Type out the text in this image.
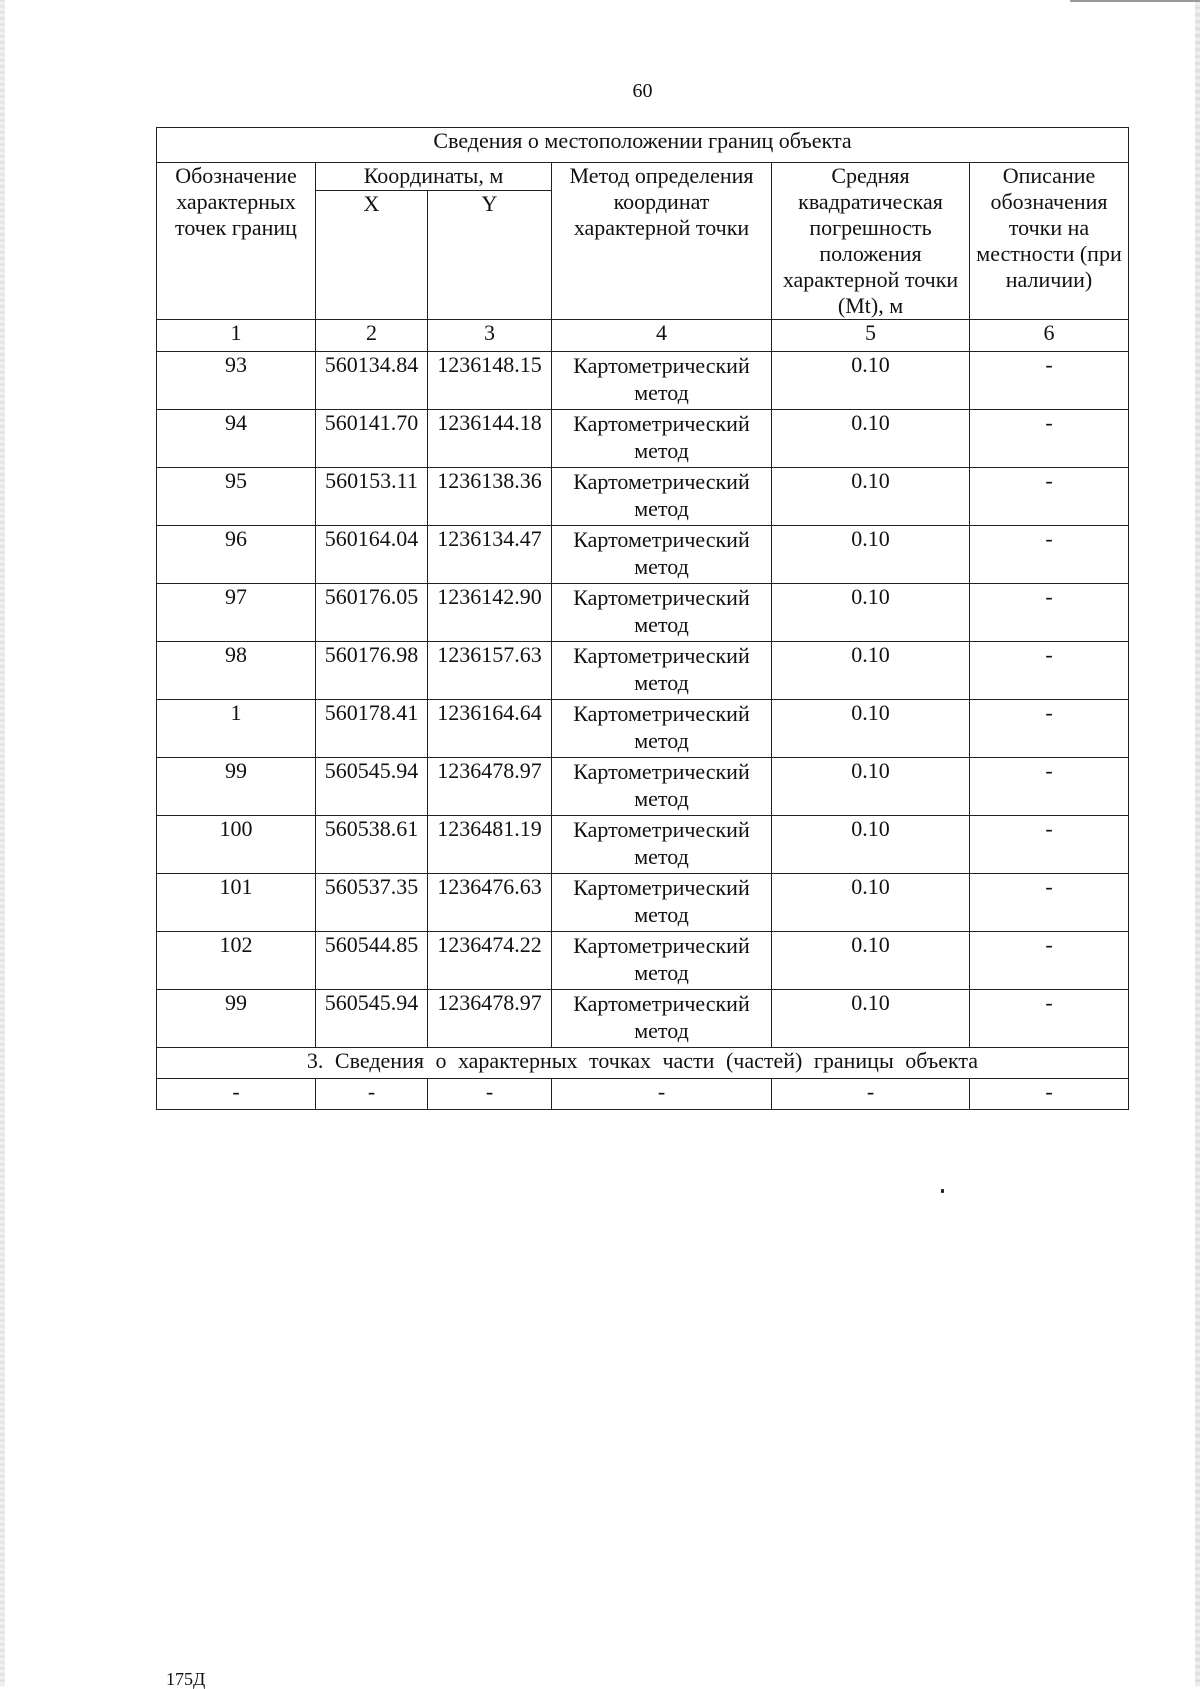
60
Сведения о местоположении границ объекта					
Обозначение характерных точек границ	Координаты, м		Метод определения координат характерной точки	Средняя квадратическая погрешность положения характерной точки (Mt), м	Описание обозначения точки на местности (при наличии)
	X	Y			
1	2	3	4	5	6
93	560134.84	1236148.15	Картометрический метод	0.10	-
94	560141.70	1236144.18	Картометрический метод	0.10	-
95	560153.11	1236138.36	Картометрический метод	0.10	-
96	560164.04	1236134.47	Картометрический метод	0.10	-
97	560176.05	1236142.90	Картометрический метод	0.10	-
98	560176.98	1236157.63	Картометрический метод	0.10	-
1	560178.41	1236164.64	Картометрический метод	0.10	-
99	560545.94	1236478.97	Картометрический метод	0.10	-
100	560538.61	1236481.19	Картометрический метод	0.10	-
101	560537.35	1236476.63	Картометрический метод	0.10	-
102	560544.85	1236474.22	Картометрический метод	0.10	-
99	560545.94	1236478.97	Картометрический метод	0.10	-
3. Сведения о характерных точках части (частей) границы объекта					
-	-	-	-	-	-
175Д
